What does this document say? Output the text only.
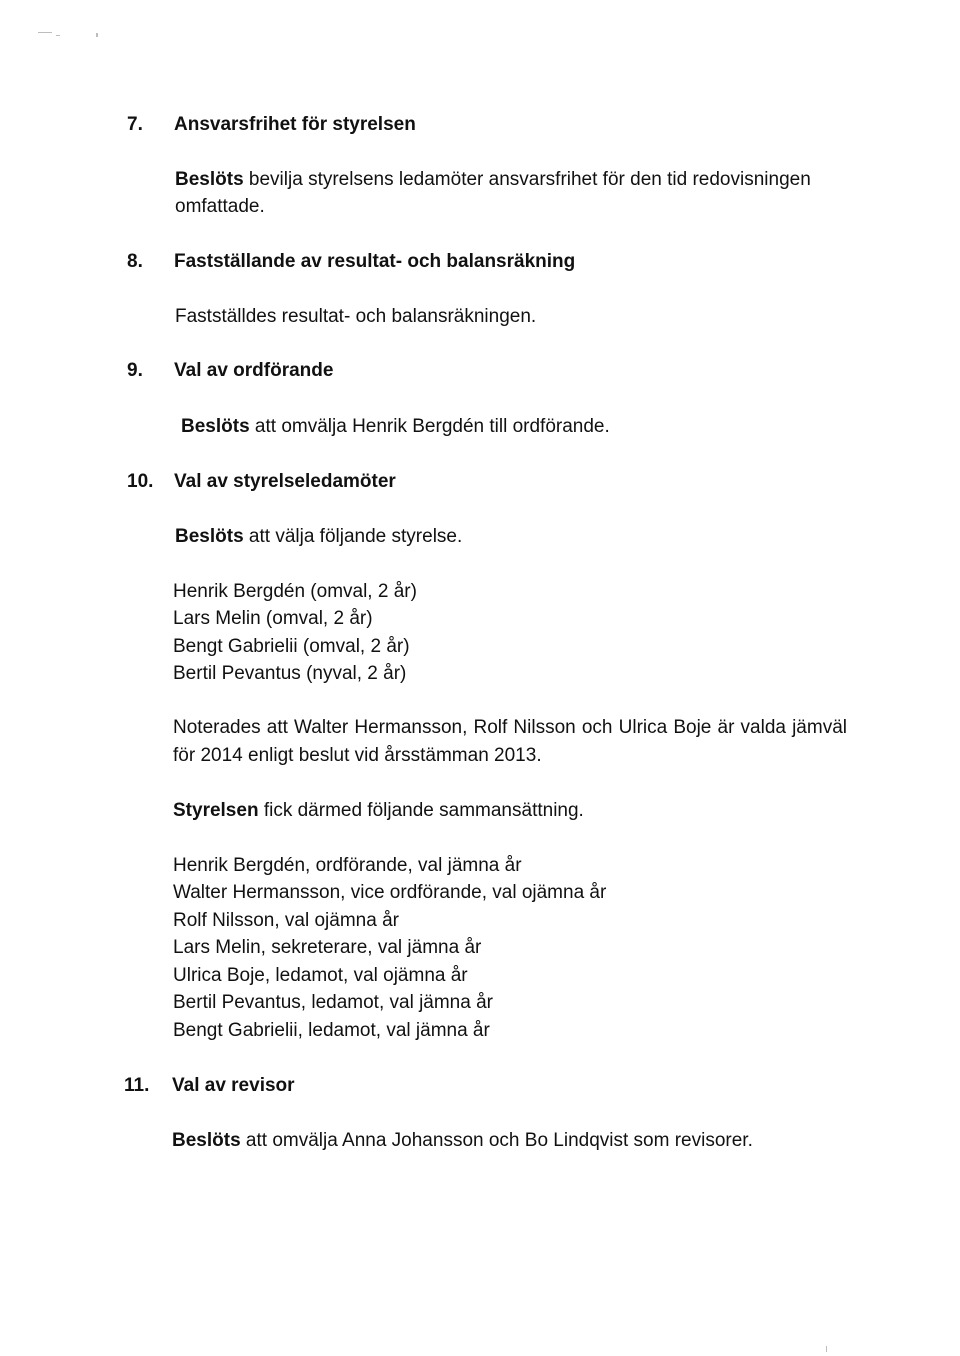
7. Ansvarsfrihet för styrelsen
Beslöts bevilja styrelsens ledamöter ansvarsfrihet för den tid redovisningen
omfattade.
8. Fastställande av resultat- och balansräkning
Fastställdes resultat- och balansräkningen.
9. Val av ordförande
Beslöts att omvälja Henrik Bergdén till ordförande.
10. Val av styrelseledamöter
Beslöts att välja följande styrelse.
Henrik Bergdén (omval, 2 år)
Lars Melin (omval, 2 år)
Bengt Gabrielii (omval, 2 år)
Bertil Pevantus (nyval, 2 år)
Noterades att Walter Hermansson, Rolf Nilsson och Ulrica Boje är valda jämväl för 2014 enligt beslut vid årsstämman 2013.
Styrelsen fick därmed följande sammansättning.
Henrik Bergdén, ordförande, val jämna år
Walter Hermansson, vice ordförande, val ojämna år
Rolf Nilsson, val ojämna år
Lars Melin, sekreterare, val jämna år
Ulrica Boje, ledamot, val ojämna år
Bertil Pevantus, ledamot, val jämna år
Bengt Gabrielii, ledamot, val jämna år
11. Val av revisor
Beslöts att omvälja Anna Johansson och Bo Lindqvist som revisorer.
